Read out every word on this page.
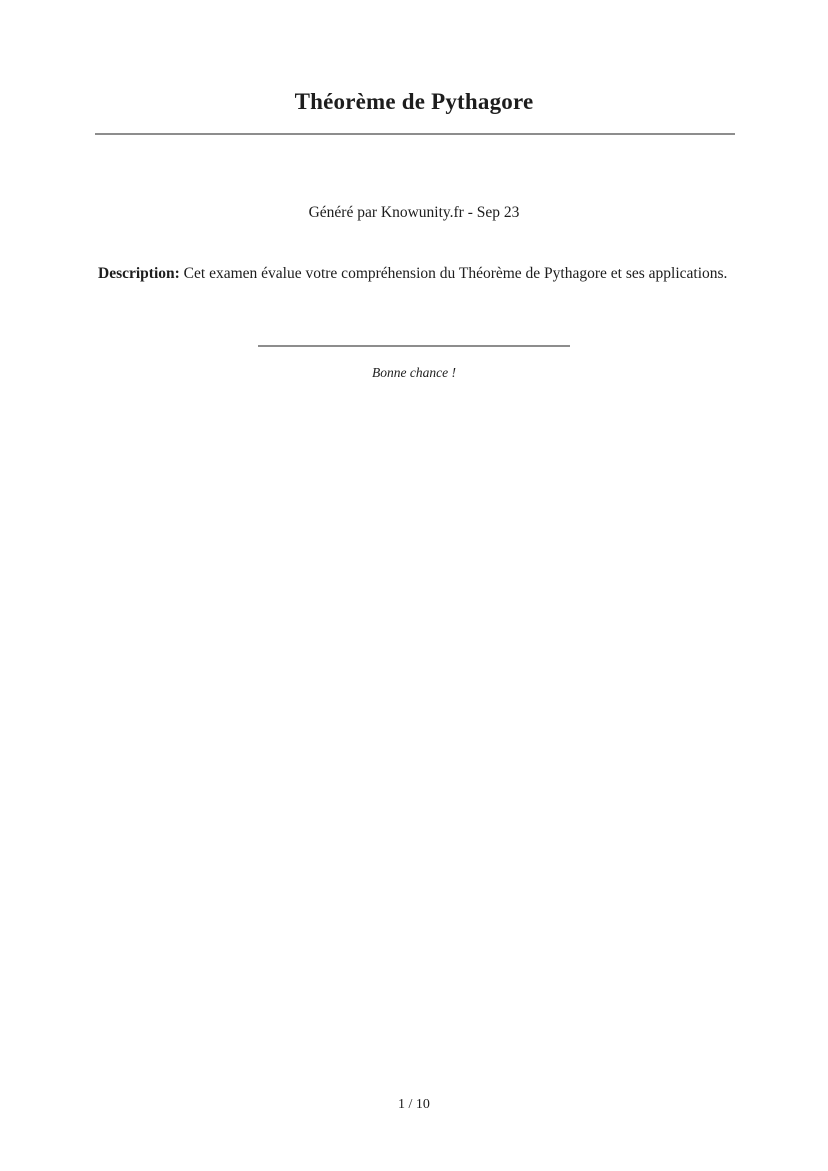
Théorème de Pythagore
Généré par Knowunity.fr - Sep 23

Description: Cet examen évalue votre compréhension du Théorème de Pythagore et ses applications.

Bonne chance !
1 / 10
